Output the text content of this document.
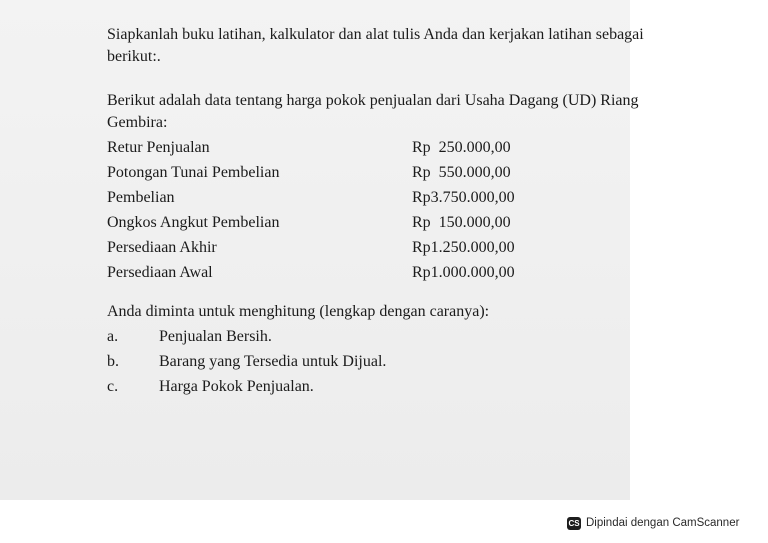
Siapkanlah buku latihan, kalkulator dan alat tulis Anda dan kerjakan latihan sebagai berikut:.

Berikut adalah data tentang harga pokok penjualan dari Usaha Dagang (UD) Riang Gembira:

Retur Penjualan	Rp  250.000,00
Potongan Tunai Pembelian	Rp  550.000,00
Pembelian	Rp3.750.000,00
Ongkos Angkut Pembelian	Rp  150.000,00
Persediaan Akhir	Rp1.250.000,00
Persediaan Awal	Rp1.000.000,00

Anda diminta untuk menghitung (lengkap dengan caranya):

a.	Penjualan Bersih.
b.	Barang yang Tersedia untuk Dijual.
c.	Harga Pokok Penjualan.
CS Dipindai dengan CamScanner
